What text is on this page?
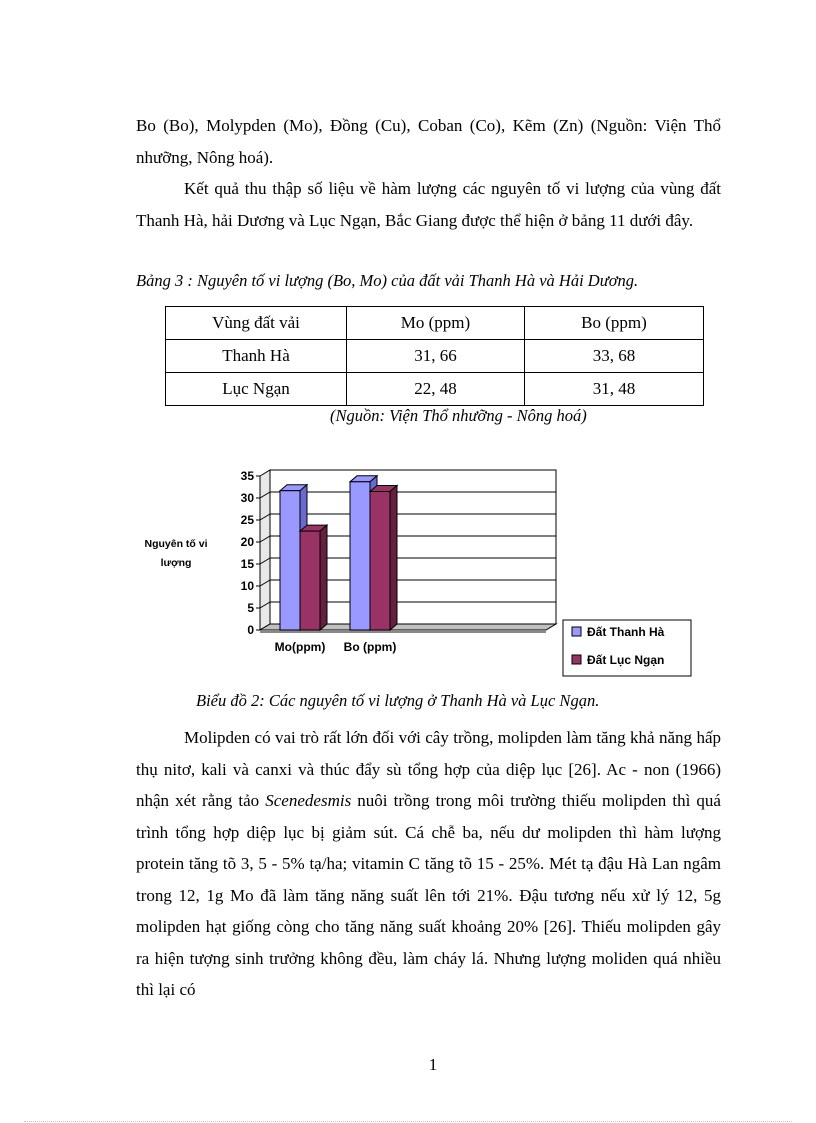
Bo (Bo), Molypden (Mo), Đồng (Cu), Coban (Co), Kẽm (Zn) (Nguồn: Viện Thổ nhưỡng, Nông hoá).

Kết quả thu thập số liệu về hàm lượng các nguyên tố vi lượng của vùng đất Thanh Hà, hải Dương và Lục Ngạn, Bắc Giang được thể hiện ở bảng 11 dưới đây.

Bảng 3 : Nguyên tố vi lượng (Bo, Mo) của đất vải Thanh Hà và Hải Dương.

Vùng đất vải	Mo (ppm)	Bo (ppm)
Thanh Hà	31, 66	33, 68
Lục Ngạn	22, 48	31, 48

(Nguồn: Viện Thổ nhưỡng - Nông hoá)

0
5
10
15
20
25
30
35
Mo(ppm) Bo (ppm)
Nguyên tố vi
lượng
Đất Thanh Hà
Đất Lục Ngạn

Biểu đồ 2: Các nguyên tố vi lượng ở Thanh Hà và Lục Ngạn.

Molipden có vai trò rất lớn đối với cây trồng, molipden làm tăng khả năng hấp thụ nitơ, kali và canxi và thúc đẩy sù tổng hợp của diệp lục [26]. Ac - non (1966) nhận xét rằng tảo Scenedesmis nuôi trồng trong môi trường thiếu molipden thì quá trình tổng hợp diệp lục bị giảm sút. Cá chễ ba, nếu dư molipden thì hàm lượng protein tăng tõ 3, 5 - 5% tạ/ha; vitamin C tăng tõ 15 - 25%. Mét tạ đậu Hà Lan ngâm trong 12, 1g Mo đã làm tăng năng suất lên tới 21%. Đậu tương nếu xử lý 12, 5g molipden hạt giống còng cho tăng năng suất khoảng 20% [26]. Thiếu molipden gây ra hiện tượng sinh trưởng không đều, làm cháy lá. Nhưng lượng moliden quá nhiều thì lại có

1
